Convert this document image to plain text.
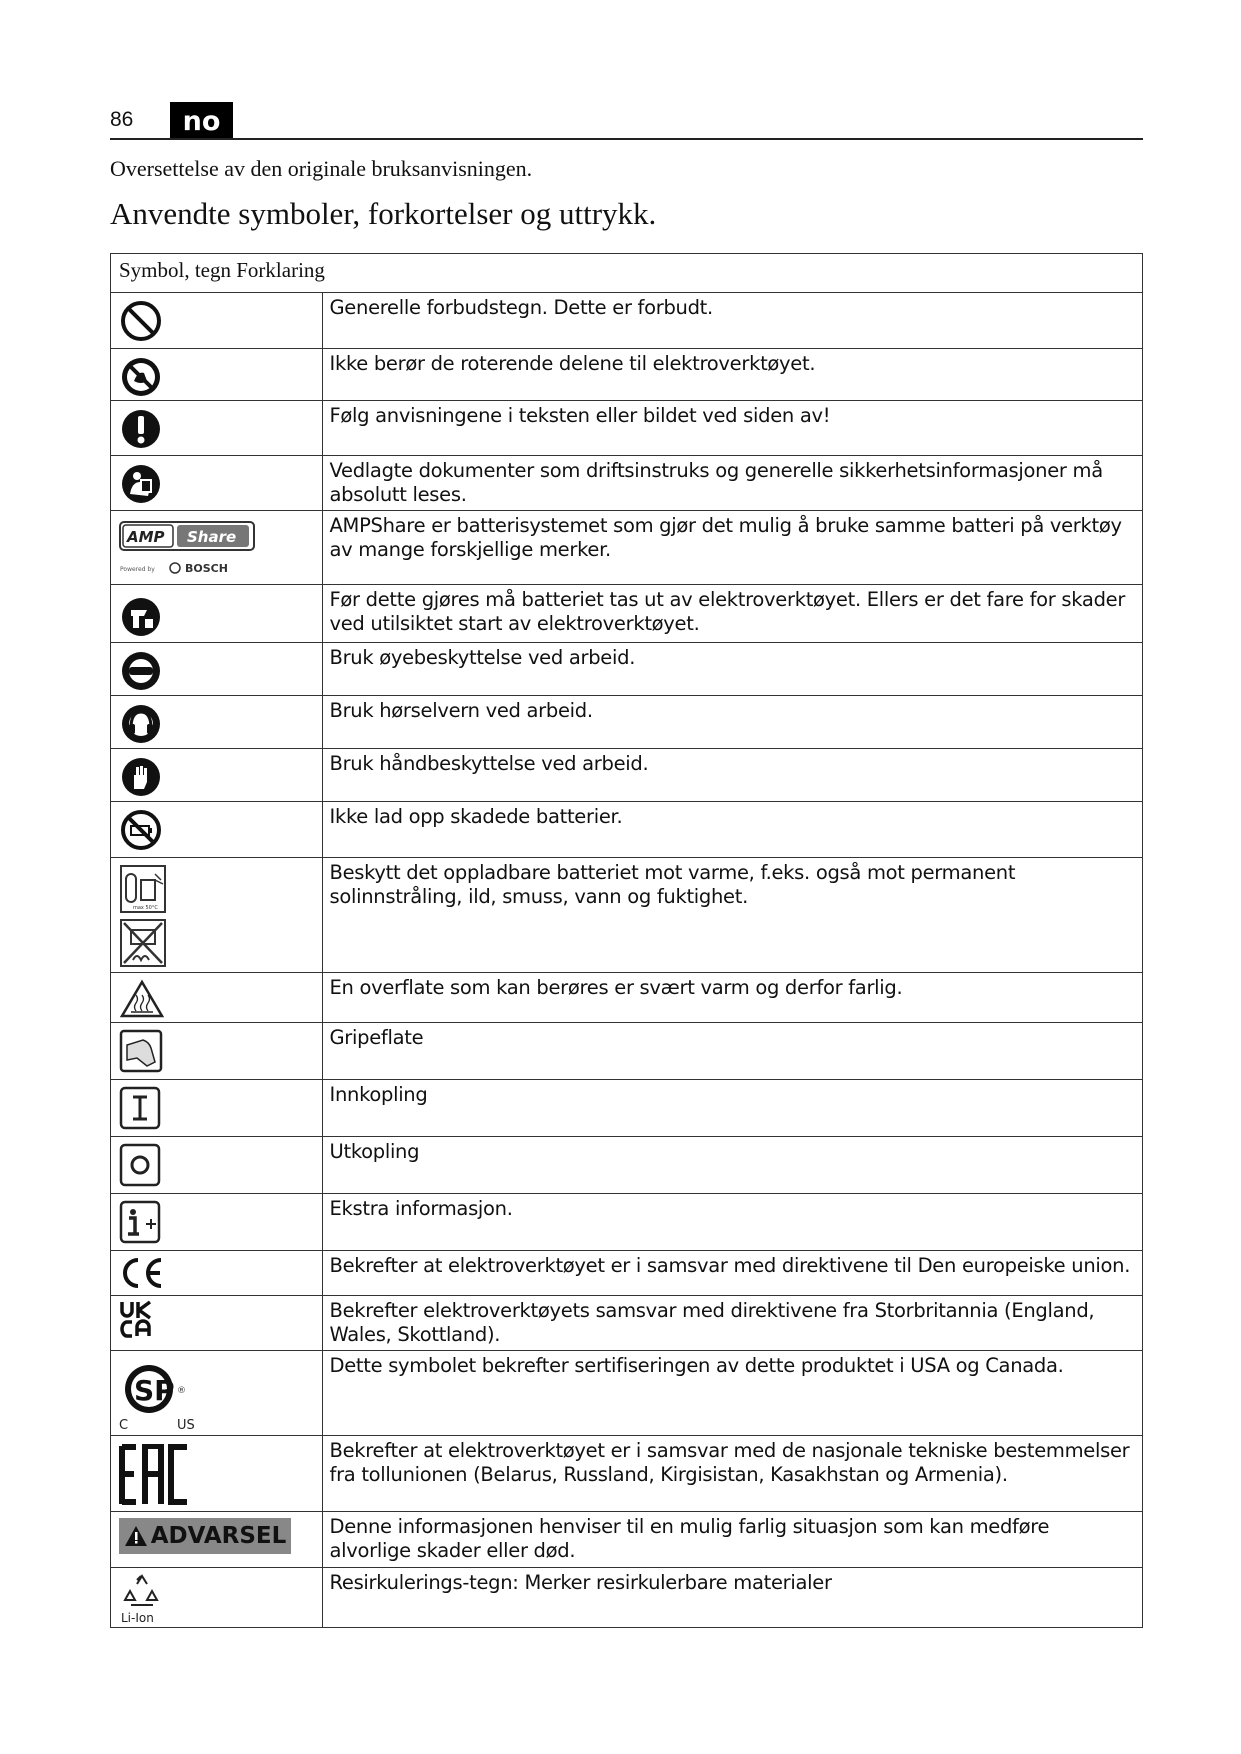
86	no
Oversettelse av den originale bruksanvisningen.
Anvendte symboler, forkortelser og uttrykk.
Symbol, tegn Forklaring	

	Generelle forbudstegn. Dette er forbudt.

	Ikke berør de roterende delene til elektroverktøyet.

	Følg anvisningene i teksten eller bildet ved siden av!

	Vedlagte dokumenter som driftsinstruks og generelle sikkerhetsinformasjoner må absolutt leses.

AMP Share
Powered by BOSCH	AMPShare er batterisystemet som gjør det mulig å bruke samme batteri på verktøy av mange forskjellige merker.

	Før dette gjøres må batteriet tas ut av elektroverktøyet. Ellers er det fare for skader ved utilsiktet start av elektroverktøyet.

	Bruk øyebeskyttelse ved arbeid.

	Bruk hørselvern ved arbeid.

	Bruk håndbeskyttelse ved arbeid.

	Ikke lad opp skadede batterier.

max 50°C	Beskytt det oppladbare batteriet mot varme, f.eks. også mot permanent solinnstråling, ild, smuss, vann og fuktighet.

	En overflate som kan berøres er svært varm og derfor farlig.

	Gripeflate

	Innkopling

	Utkopling

	Ekstra informasjon.

	Bekrefter at elektroverktøyet er i samsvar med direktivene til Den europeiske union.

	Bekrefter elektroverktøyets samsvar med direktivene fra Storbritannia (England, Wales, Skottland).

SP ®
C US	Dette symbolet bekrefter sertifiseringen av dette produktet i USA og Canada.

	Bekrefter at elektroverktøyet er i samsvar med de nasjonale tekniske bestemmelser fra tollunionen (Belarus, Russland, Kirgisistan, Kasakhstan og Armenia).

ADVARSEL	Denne informasjonen henviser til en mulig farlig situasjon som kan medføre alvorlige skader eller død.

Li-Ion	Resirkulerings-tegn: Merker resirkulerbare materialer
